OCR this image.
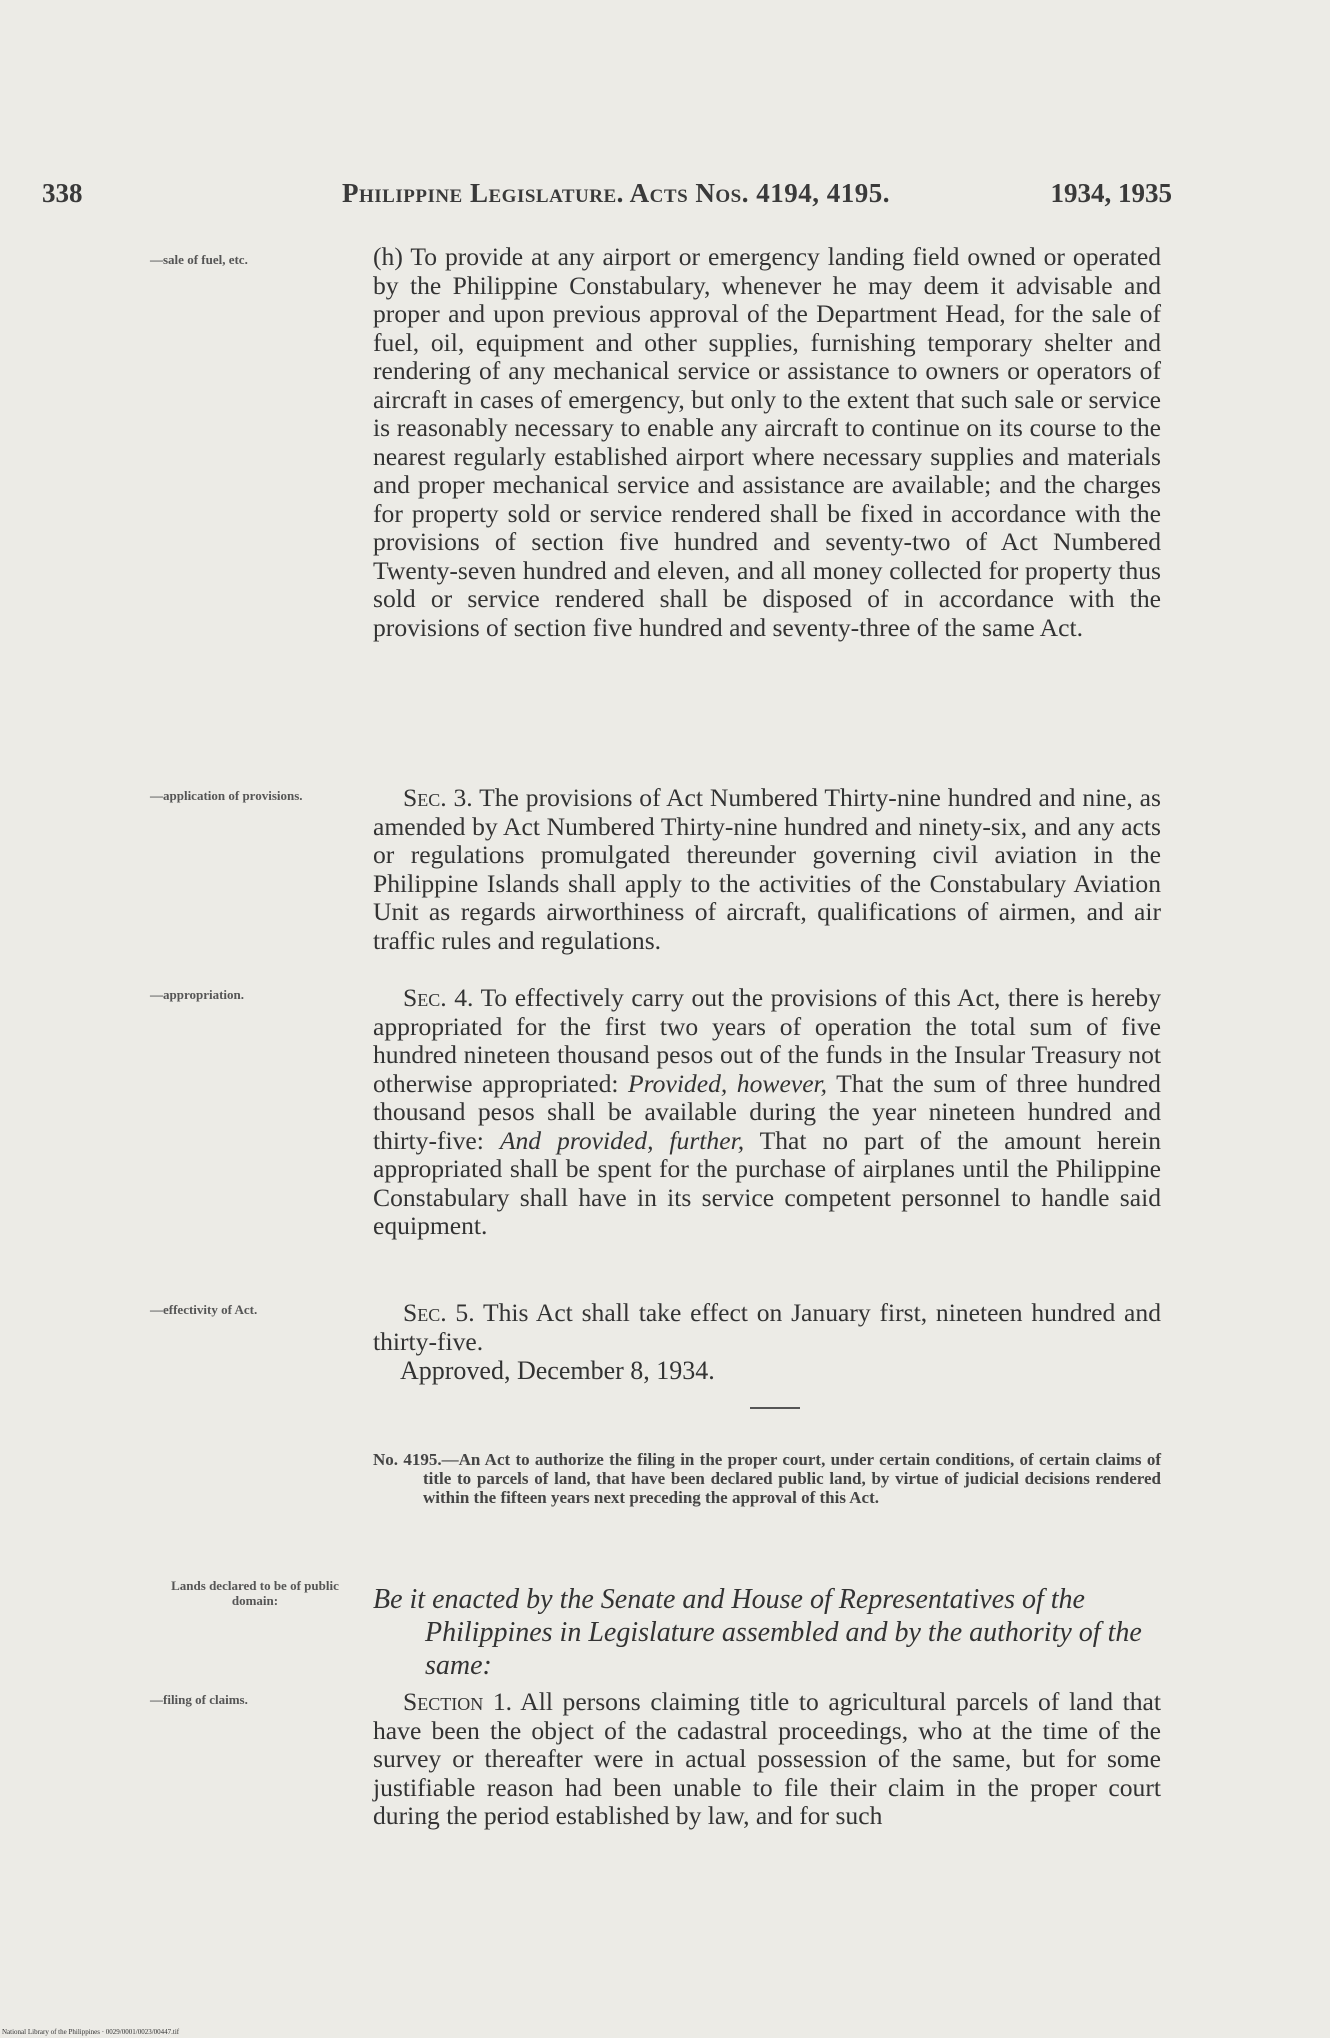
338	Philippine Legislature. Acts Nos. 4194, 4195.	1934, 1935
—sale of fuel, etc.
—application of provisions.
—appropriation.
—effectivity of Act.
Lands declared to be of public domain:
—filing of claims.
(h) To provide at any airport or emergency landing field owned or operated by the Philippine Constabulary, whenever he may deem it advisable and proper and upon previous approval of the Department Head, for the sale of fuel, oil, equipment and other supplies, furnishing temporary shelter and rendering of any mechanical service or assistance to owners or operators of aircraft in cases of emergency, but only to the extent that such sale or service is reasonably necessary to enable any aircraft to continue on its course to the nearest regularly established airport where necessary supplies and materials and proper mechanical service and assistance are available; and the charges for property sold or service rendered shall be fixed in accordance with the provisions of section five hundred and seventy-two of Act Numbered Twenty-seven hundred and eleven, and all money collected for property thus sold or service rendered shall be disposed of in accordance with the provisions of section five hundred and seventy-three of the same Act.
Sec. 3. The provisions of Act Numbered Thirty-nine hundred and nine, as amended by Act Numbered Thirty-nine hundred and ninety-six, and any acts or regulations promulgated thereunder governing civil aviation in the Philippine Islands shall apply to the activities of the Constabulary Aviation Unit as regards airworthiness of aircraft, qualifications of airmen, and air traffic rules and regulations.
Sec. 4. To effectively carry out the provisions of this Act, there is hereby appropriated for the first two years of operation the total sum of five hundred nineteen thousand pesos out of the funds in the Insular Treasury not otherwise appropriated: Provided, however, That the sum of three hundred thousand pesos shall be available during the year nineteen hundred and thirty-five: And provided, further, That no part of the amount herein appropriated shall be spent for the purchase of airplanes until the Philippine Constabulary shall have in its service competent personnel to handle said equipment.
Sec. 5. This Act shall take effect on January first, nineteen hundred and thirty-five.
Approved, December 8, 1934.
No. 4195.—An Act to authorize the filing in the proper court, under certain conditions, of certain claims of title to parcels of land, that have been declared public land, by virtue of judicial decisions rendered within the fifteen years next preceding the approval of this Act.
Be it enacted by the Senate and House of Representatives of the Philippines in Legislature assembled and by the authority of the same:
Section 1. All persons claiming title to agricultural parcels of land that have been the object of the cadastral proceedings, who at the time of the survey or thereafter were in actual possession of the same, but for some justifiable reason had been unable to file their claim in the proper court during the period established by law, and for such
National Library of the Philippines · 0029/0001/0023/00447.tif
